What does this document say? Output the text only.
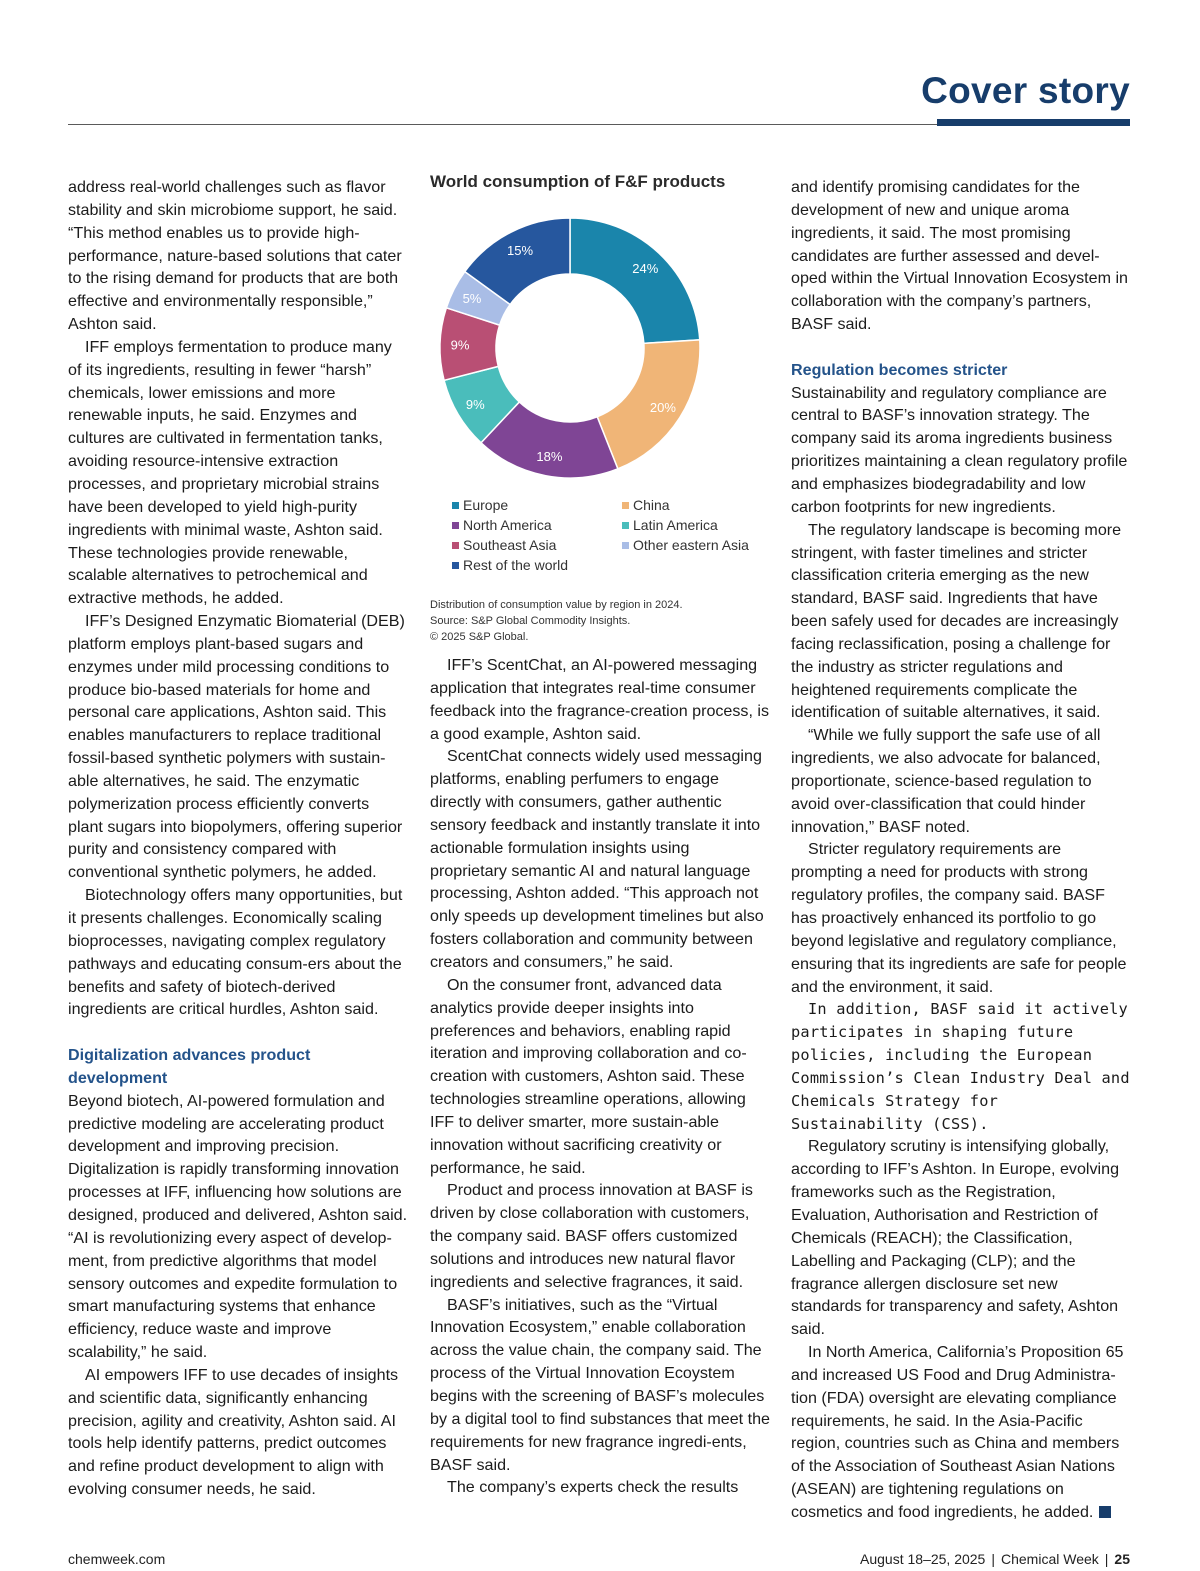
Cover story

address real-world challenges such as flavor stability and skin microbiome support, he said. “This method enables us to provide high-performance, nature-based solutions that cater to the rising demand for products that are both effective and environmentally responsible,” Ashton said.

IFF employs fermentation to produce many of its ingredients, resulting in fewer “harsh” chemicals, lower emissions and more renewable inputs, he said. Enzymes and cultures are cultivated in fermentation tanks, avoiding resource-intensive extraction processes, and proprietary microbial strains have been developed to yield high-purity ingredients with minimal waste, Ashton said. These technologies provide renewable, scalable alternatives to petrochemical and extractive methods, he added.

IFF’s Designed Enzymatic Biomaterial (DEB) platform employs plant-based sugars and enzymes under mild processing conditions to produce bio-based materials for home and personal care applications, Ashton said. This enables manufacturers to replace traditional fossil-based synthetic polymers with sustain-able alternatives, he said. The enzymatic polymerization process efficiently converts plant sugars into biopolymers, offering superior purity and consistency compared with conventional synthetic polymers, he added.

Biotechnology offers many opportunities, but it presents challenges. Economically scaling bioprocesses, navigating complex regulatory pathways and educating consum-ers about the benefits and safety of biotech-derived ingredients are critical hurdles, Ashton said.

Digitalization advances product development

Beyond biotech, AI-powered formulation and predictive modeling are accelerating product development and improving precision. Digitalization is rapidly transforming innovation processes at IFF, influencing how solutions are designed, produced and delivered, Ashton said. “AI is revolutionizing every aspect of develop-ment, from predictive algorithms that model sensory outcomes and expedite formulation to smart manufacturing systems that enhance efficiency, reduce waste and improve scalability,” he said.

AI empowers IFF to use decades of insights and scientific data, significantly enhancing precision, agility and creativity, Ashton said. AI tools help identify patterns, predict outcomes and refine product development to align with evolving consumer needs, he said.

World consumption of F&F products
24%
20%
18%
9%
9%
5%
15%
Europe	China
North America	Latin America
Southeast Asia	Other eastern Asia
Rest of the world
Distribution of consumption value by region in 2024.
Source: S&P Global Commodity Insights.
© 2025 S&P Global.

IFF’s ScentChat, an AI-powered messaging application that integrates real-time consumer feedback into the fragrance-creation process, is a good example, Ashton said.

ScentChat connects widely used messaging platforms, enabling perfumers to engage directly with consumers, gather authentic sensory feedback and instantly translate it into actionable formulation insights using proprietary semantic AI and natural language processing, Ashton added. “This approach not only speeds up development timelines but also fosters collaboration and community between creators and consumers,” he said.

On the consumer front, advanced data analytics provide deeper insights into preferences and behaviors, enabling rapid iteration and improving collaboration and co-creation with customers, Ashton said. These technologies streamline operations, allowing IFF to deliver smarter, more sustain-able innovation without sacrificing creativity or performance, he said.

Product and process innovation at BASF is driven by close collaboration with customers, the company said. BASF offers customized solutions and introduces new natural flavor ingredients and selective fragrances, it said.

BASF’s initiatives, such as the “Virtual Innovation Ecosystem,” enable collaboration across the value chain, the company said. The process of the Virtual Innovation Ecoystem begins with the screening of BASF’s molecules by a digital tool to find substances that meet the requirements for new fragrance ingredi-ents, BASF said.

The company’s experts check the results

and identify promising candidates for the development of new and unique aroma ingredients, it said. The most promising candidates are further assessed and devel-oped within the Virtual Innovation Ecosystem in collaboration with the company’s partners, BASF said.

Regulation becomes stricter

Sustainability and regulatory compliance are central to BASF’s innovation strategy. The company said its aroma ingredients business prioritizes maintaining a clean regulatory profile and emphasizes biodegradability and low carbon footprints for new ingredients.

The regulatory landscape is becoming more stringent, with faster timelines and stricter classification criteria emerging as the new standard, BASF said. Ingredients that have been safely used for decades are increasingly facing reclassification, posing a challenge for the industry as stricter regulations and heightened requirements complicate the identification of suitable alternatives, it said.

“While we fully support the safe use of all ingredients, we also advocate for balanced, proportionate, science-based regulation to avoid over-classification that could hinder innovation,” BASF noted.

Stricter regulatory requirements are prompting a need for products with strong regulatory profiles, the company said. BASF has proactively enhanced its portfolio to go beyond legislative and regulatory compliance, ensuring that its ingredients are safe for people and the environment, it said.

In addition, BASF said it actively participates in shaping future policies, including the European Commission’s Clean Industry Deal and Chemicals Strategy for Sustainability (CSS).

Regulatory scrutiny is intensifying globally, according to IFF’s Ashton. In Europe, evolving frameworks such as the Registration, Evaluation, Authorisation and Restriction of Chemicals (REACH); the Classification, Labelling and Packaging (CLP); and the fragrance allergen disclosure set new standards for transparency and safety, Ashton said.

In North America, California’s Proposition 65 and increased US Food and Drug Administra-tion (FDA) oversight are elevating compliance requirements, he said. In the Asia-Pacific region, countries such as China and members of the Association of Southeast Asian Nations (ASEAN) are tightening regulations on cosmetics and food ingredients, he added.

chemweek.com	August 18–25, 2025 | Chemical Week | 25
